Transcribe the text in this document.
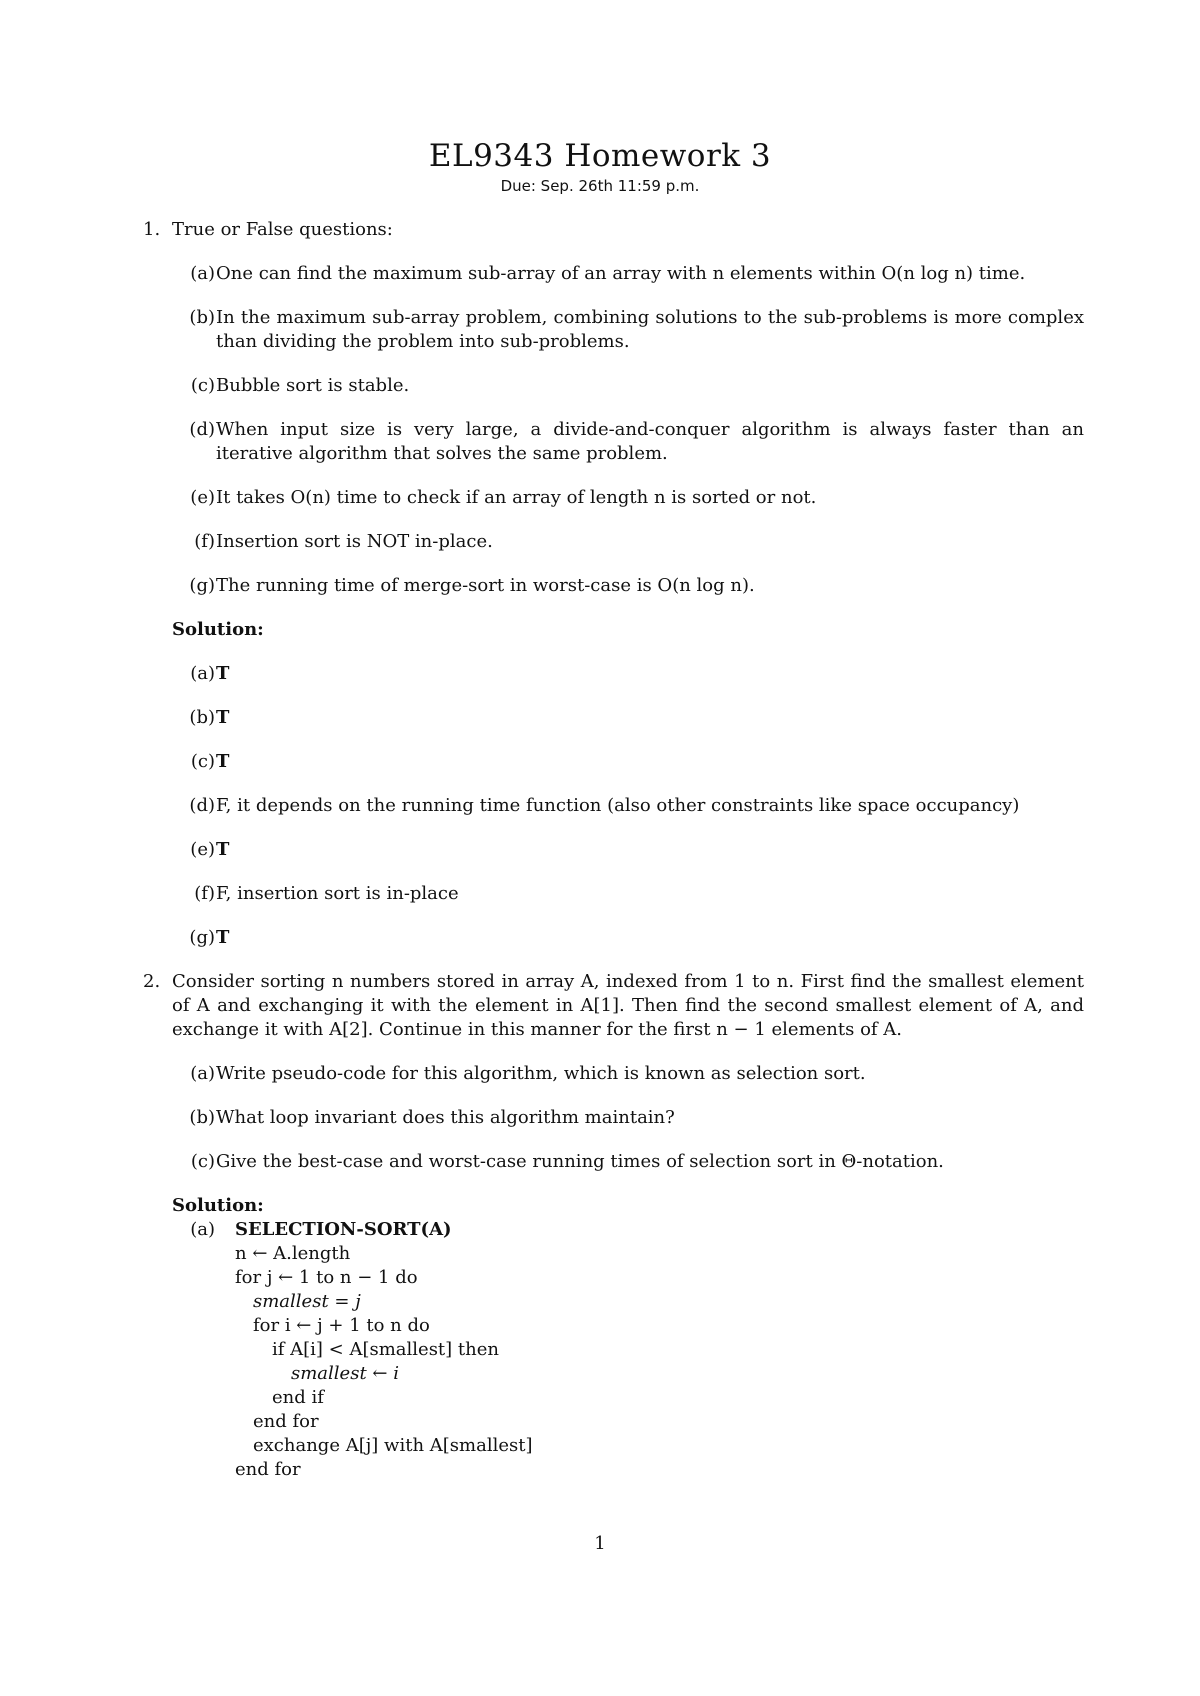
EL9343 Homework 3
Due: Sep. 26th 11:59 p.m.
1. True or False questions:
(a) One can find the maximum sub-array of an array with n elements within O(n log n) time.
(b) In the maximum sub-array problem, combining solutions to the sub-problems is more complex than dividing the problem into sub-problems.
(c) Bubble sort is stable.
(d) When input size is very large, a divide-and-conquer algorithm is always faster than an iterative algorithm that solves the same problem.
(e) It takes O(n) time to check if an array of length n is sorted or not.
(f) Insertion sort is NOT in-place.
(g) The running time of merge-sort in worst-case is O(n log n).
Solution:
(a) T
(b) T
(c) T
(d) F, it depends on the running time function (also other constraints like space occupancy)
(e) T
(f) F, insertion sort is in-place
(g) T
2. Consider sorting n numbers stored in array A, indexed from 1 to n. First find the smallest element of A and exchanging it with the element in A[1]. Then find the second smallest element of A, and exchange it with A[2]. Continue in this manner for the first n − 1 elements of A.
(a) Write pseudo-code for this algorithm, which is known as selection sort.
(b) What loop invariant does this algorithm maintain?
(c) Give the best-case and worst-case running times of selection sort in Θ-notation.
Solution:
(a) SELECTION-SORT(A)
n ← A.length
for j ← 1 to n − 1 do
smallest = j
for i ← j + 1 to n do
if A[i] < A[smallest] then
smallest ← i
end if
end for
exchange A[j] with A[smallest]
end for
1
